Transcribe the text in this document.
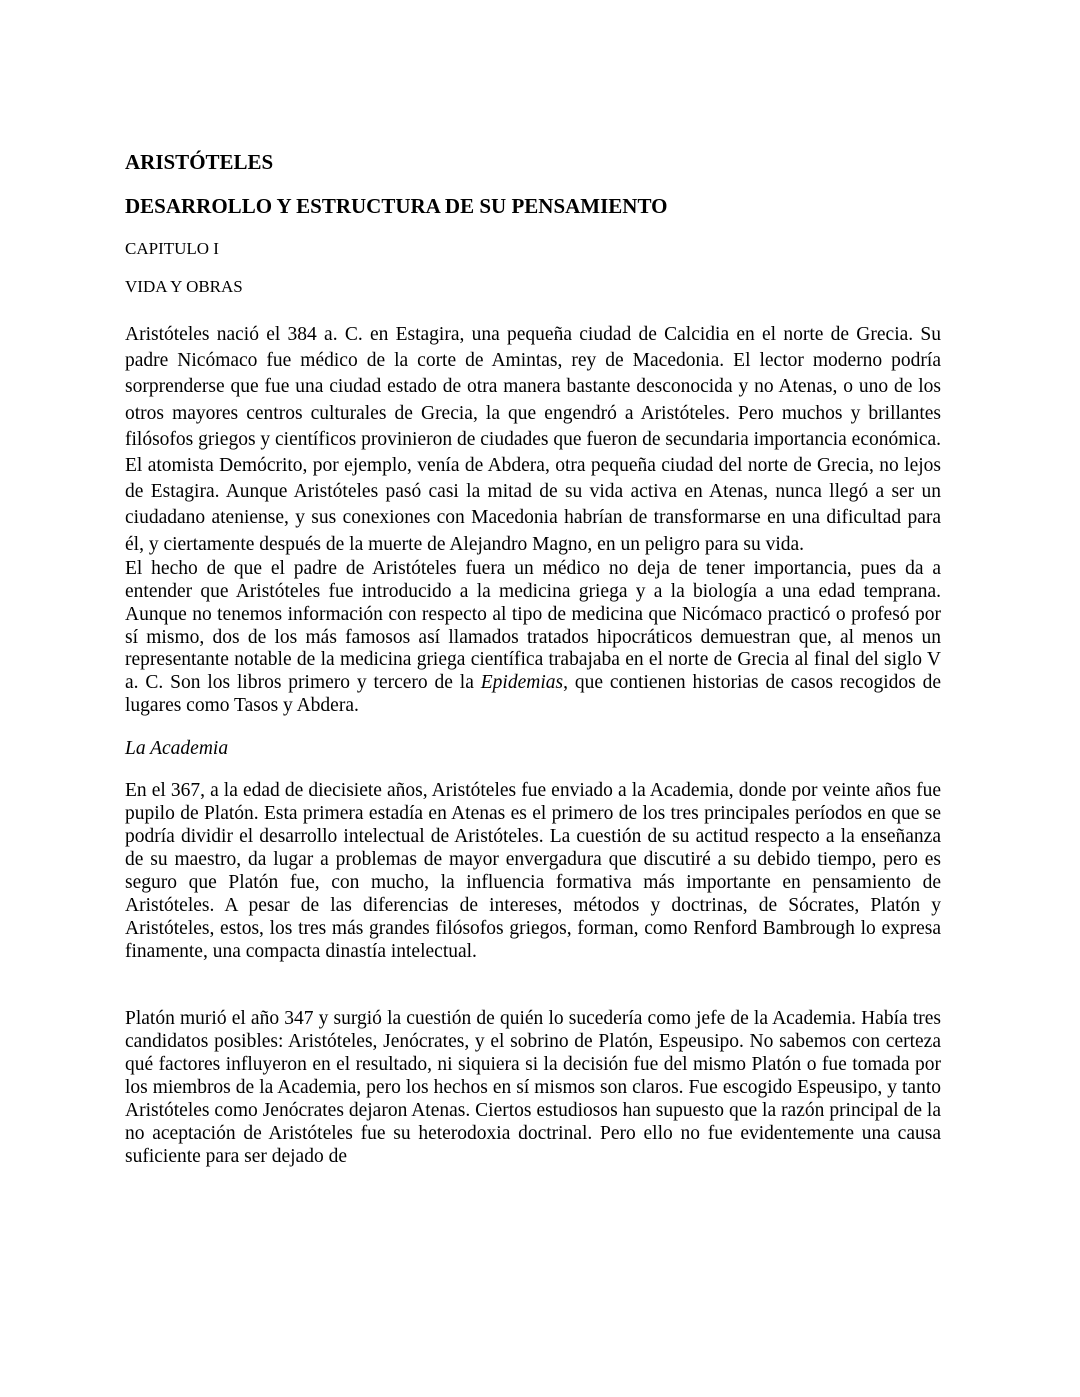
ARISTÓTELES
DESARROLLO Y ESTRUCTURA DE SU PENSAMIENTO
CAPITULO I
VIDA Y OBRAS

Aristóteles nació el 384 a. C. en Estagira, una pequeña ciudad de Calcidia en el norte de Grecia. Su padre Nicómaco fue médico de la corte de Amintas, rey de Macedonia. El lector moderno podría sorprenderse que fue una ciudad estado de otra manera bastante desconocida y no Atenas, o uno de los otros mayores centros culturales de Grecia, la que engendró a Aristóteles. Pero muchos y brillantes filósofos griegos y científicos provinieron de ciudades que fueron de secundaria importancia económica. El atomista Demócrito, por ejemplo, venía de Abdera, otra pequeña ciudad del norte de Grecia, no lejos de Estagira. Aunque Aristóteles pasó casi la mitad de su vida activa en Atenas, nunca llegó a ser un ciudadano ateniense, y sus conexiones con Macedonia habrían de transformarse en una dificultad para él, y ciertamente después de la muerte de Alejandro Magno, en un peligro para su vida.

El hecho de que el padre de Aristóteles fuera un médico no deja de tener importancia, pues da a entender que Aristóteles fue introducido a la medicina griega y a la biología a una edad temprana. Aunque no tenemos información con respecto al tipo de medicina que Nicómaco practicó o profesó por sí mismo, dos de los más famosos así llamados tratados hipocráticos demuestran que, al menos un representante notable de la medicina griega científica trabajaba en el norte de Grecia al final del siglo V a. C. Son los libros primero y tercero de la Epidemias, que contienen historias de casos recogidos de lugares como Tasos y Abdera.

La Academia

En el 367, a la edad de diecisiete años, Aristóteles fue enviado a la Academia, donde por veinte años fue pupilo de Platón. Esta primera estadía en Atenas es el primero de los tres principales períodos en que se podría dividir el desarrollo intelectual de Aristóteles. La cuestión de su actitud respecto a la enseñanza de su maestro, da lugar a problemas de mayor envergadura que discutiré a su debido tiempo, pero es seguro que Platón fue, con mucho, la influencia formativa más importante en pensamiento de Aristóteles. A pesar de las diferencias de intereses, métodos y doctrinas, de Sócrates, Platón y Aristóteles, estos, los tres más grandes filósofos griegos, forman, como Renford Bambrough lo expresa finamente, una compacta dinastía intelectual.

Platón murió el año 347 y surgió la cuestión de quién lo sucedería como jefe de la Academia. Había tres candidatos posibles: Aristóteles, Jenócrates, y el sobrino de Platón, Espeusipo. No sabemos con certeza qué factores influyeron en el resultado, ni siquiera si la decisión fue del mismo Platón o fue tomada por los miembros de la Academia, pero los hechos en sí mismos son claros. Fue escogido Espeusipo, y tanto Aristóteles como Jenócrates dejaron Atenas. Ciertos estudiosos han supuesto que la razón principal de la no aceptación de Aristóteles fue su heterodoxia doctrinal. Pero ello no fue evidentemente una causa suficiente para ser dejado de
